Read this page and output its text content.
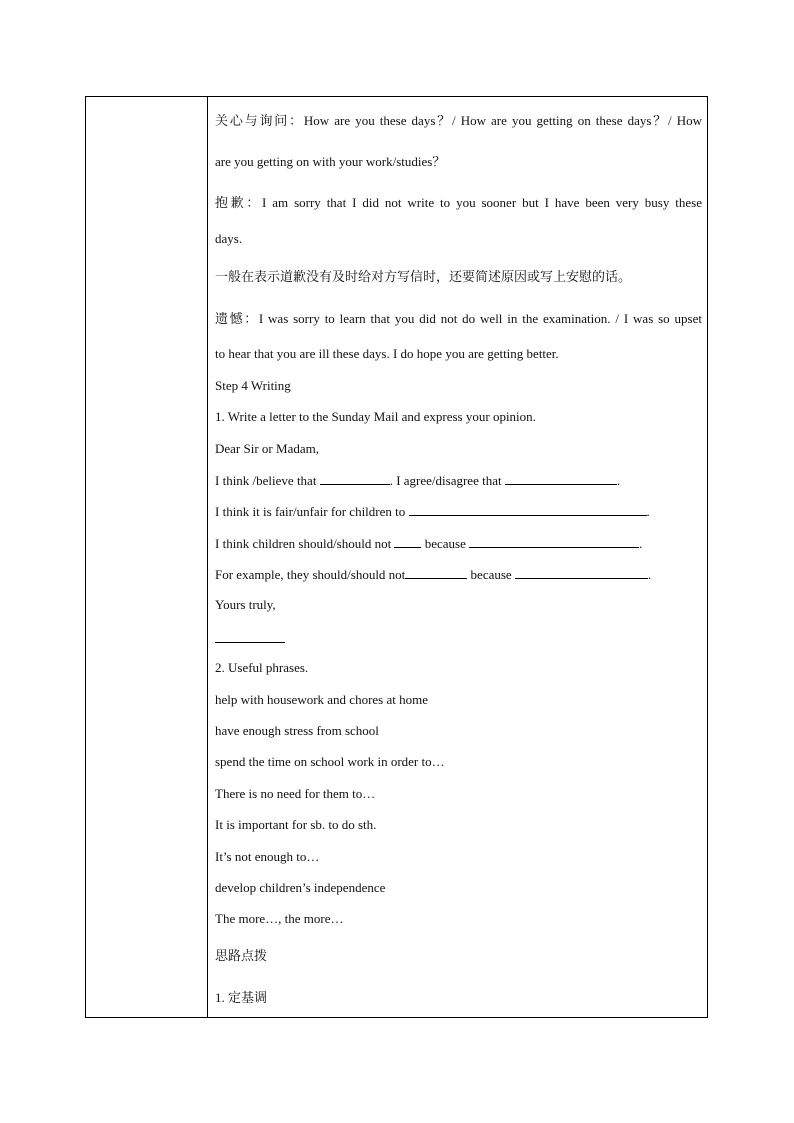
关心与询问：How are you these days？/ How are you getting on these days？/ How
are you getting on with your work/studies？
抱歉：I am sorry that I did not write to you sooner but I have been very busy these
days.
一般在表示道歉没有及时给对方写信时，还要简述原因或写上安慰的话。
遗憾：I was sorry to learn that you did not do well in the examination. / I was so upset
to hear that you are ill these days. I do hope you are getting better.
Step 4 Writing
1. Write a letter to the Sunday Mail and express your opinion.
Dear Sir or Madam,
I think /believe that	. I agree/disagree that	.
I think it is fair/unfair for children to	.
I think children should/should not  because	.
For example, they should/should not	because	.
Yours truly,
2. Useful phrases.
help with housework and chores at home
have enough stress from school
spend the time on school work in order to…
There is no need for them to…
It is important for sb. to do sth.
It’s not enough to…
develop children’s independence
The more…, the more…
思路点拨
1. 定基调
